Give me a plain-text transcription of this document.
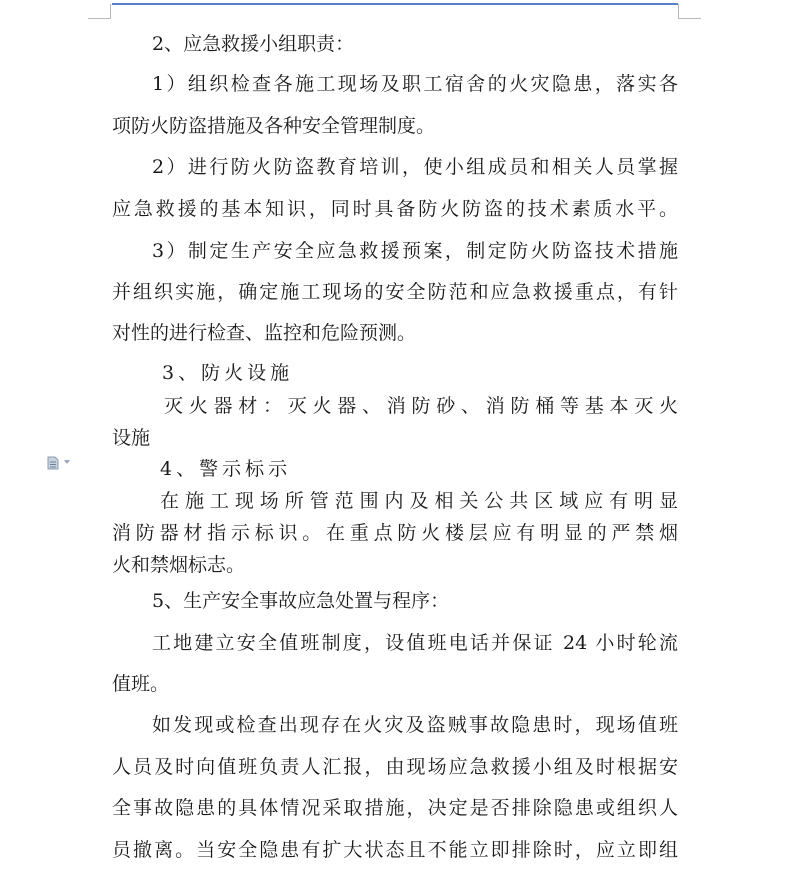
2、应急救援小组职责：
1）组织检查各施工现场及职工宿舍的火灾隐患，落实各
项防火防盗措施及各种安全管理制度。
2）进行防火防盗教育培训，使小组成员和相关人员掌握
应急救援的基本知识，同时具备防火防盗的技术素质水平。
3）制定生产安全应急救援预案，制定防火防盗技术措施
并组织实施，确定施工现场的安全防范和应急救援重点，有针
对性的进行检查、监控和危险预测。
3、防火设施
灭火器材：灭火器、消防砂、消防桶等基本灭火
设施
4、警示标示
在施工现场所管范围内及相关公共区域应有明显
消防器材指示标识。在重点防火楼层应有明显的严禁烟
火和禁烟标志。
5、生产安全事故应急处置与程序：
工地建立安全值班制度，设值班电话并保证 24 小时轮流
值班。
如发现或检查出现存在火灾及盗贼事故隐患时，现场值班
人员及时向值班负责人汇报，由现场应急救援小组及时根据安
全事故隐患的具体情况采取措施，决定是否排除隐患或组织人
员撤离。当安全隐患有扩大状态且不能立即排除时，应立即组
